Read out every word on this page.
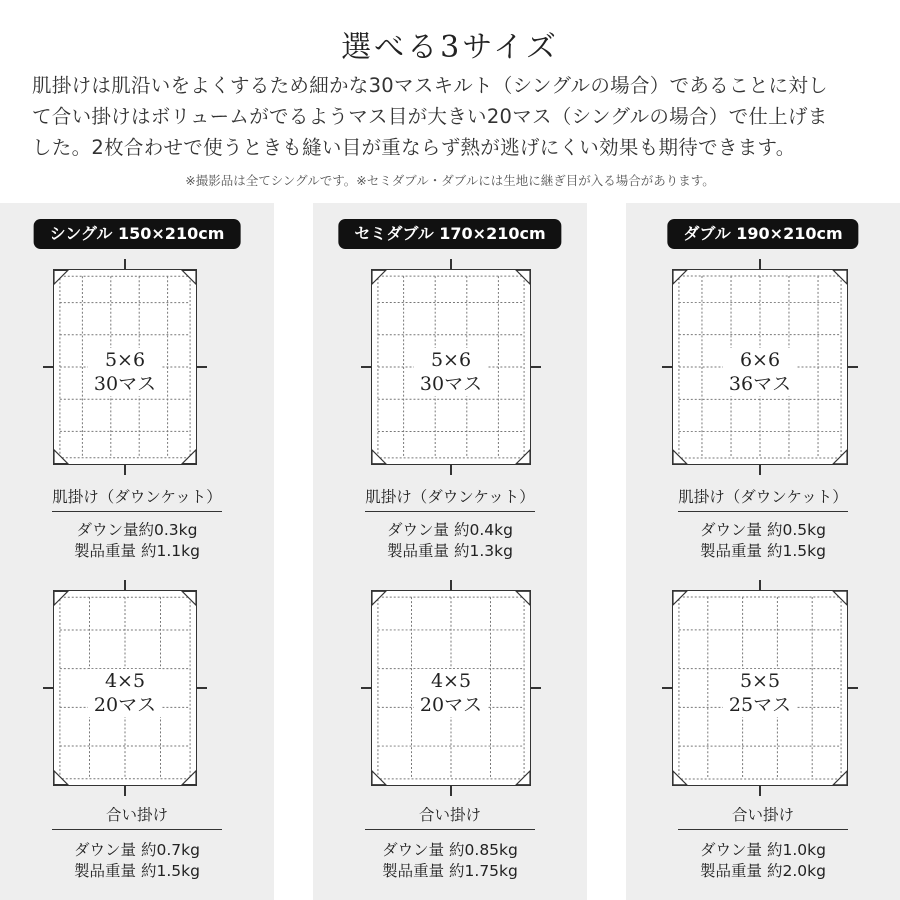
選べる3サイズ
肌掛けは肌沿いをよくするため細かな30マスキルト（シングルの場合）であることに対し
て合い掛けはボリュームがでるようマス目が大きい20マス（シングルの場合）で仕上げま
した。2枚合わせで使うときも縫い目が重ならず熱が逃げにくい効果も期待できます。
※撮影品は全てシングルです。※セミダブル・ダブルには生地に継ぎ目が入る場合があります。
シングル 150×210cm
5×6
30マス
肌掛け（ダウンケット）
ダウン量約0.3kg
製品重量 約1.1kg
4×5
20マス
合い掛け
ダウン量 約0.7kg
製品重量 約1.5kg
セミダブル 170×210cm
5×6
30マス
肌掛け（ダウンケット）
ダウン量 約0.4kg
製品重量 約1.3kg
4×5
20マス
合い掛け
ダウン量 約0.85kg
製品重量 約1.75kg
ダブル 190×210cm
6×6
36マス
肌掛け（ダウンケット）
ダウン量 約0.5kg
製品重量 約1.5kg
5×5
25マス
合い掛け
ダウン量 約1.0kg
製品重量 約2.0kg
